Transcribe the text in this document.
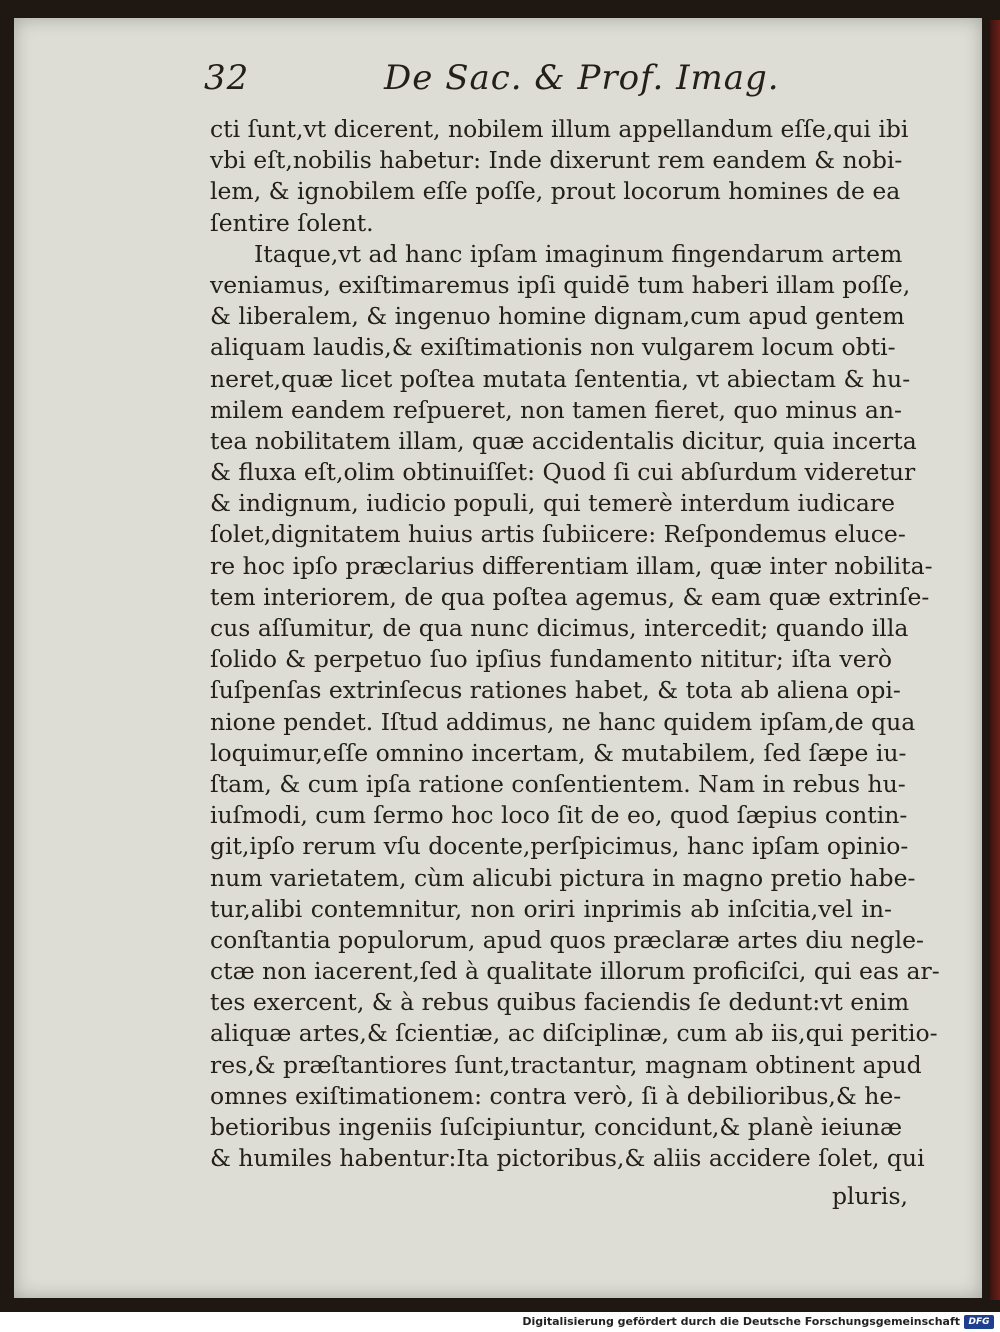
32	De Sac. & Prof. Imag.
cti ſunt,vt dicerent, nobilem illum appellandum eſſe,qui ibi
vbi eſt,nobilis habetur: Inde dixerunt rem eandem & nobi-
lem, & ignobilem eſſe poſſe, prout locorum homines de ea
ſentire ſolent.
Itaque,vt ad hanc ipſam imaginum fingendarum artem
veniamus, exiſtimaremus ipſi quidē tum haberi illam poſſe,
& liberalem, & ingenuo homine dignam,cum apud gentem
aliquam laudis,& exiſtimationis non vulgarem locum obti-
neret,quæ licet poſtea mutata ſententia, vt abiectam & hu-
milem eandem reſpueret, non tamen fieret, quo minus an-
tea nobilitatem illam, quæ accidentalis dicitur, quia incerta
& fluxa eſt,olim obtinuiſſet: Quod ſi cui abſurdum videretur
& indignum, iudicio populi, qui temerè interdum iudicare
ſolet,dignitatem huius artis ſubiicere: Reſpondemus eluce-
re hoc ipſo præclarius differentiam illam, quæ inter nobilita-
tem interiorem, de qua poſtea agemus, & eam quæ extrinſe-
cus aſſumitur, de qua nunc dicimus, intercedit; quando illa
ſolido & perpetuo ſuo ipſius fundamento nititur; iſta verò
ſuſpenſas extrinſecus rationes habet, & tota ab aliena opi-
nione pendet. Iſtud addimus, ne hanc quidem ipſam,de qua
loquimur,eſſe omnino incertam, & mutabilem, ſed ſæpe iu-
ſtam, & cum ipſa ratione conſentientem. Nam in rebus hu-
iuſmodi, cum ſermo hoc loco ſit de eo, quod ſæpius contin-
git,ipſo rerum vſu docente,perſpicimus, hanc ipſam opinio-
num varietatem, cùm alicubi pictura in magno pretio habe-
tur,alibi contemnitur, non oriri inprimis ab inſcitia,vel in-
conſtantia populorum, apud quos præclaræ artes diu negle-
ctæ non iacerent,ſed à qualitate illorum proficiſci, qui eas ar-
tes exercent, & à rebus quibus faciendis ſe dedunt:vt enim
aliquæ artes,& ſcientiæ, ac diſciplinæ, cum ab iis,qui peritio-
res,& præſtantiores ſunt,tractantur, magnam obtinent apud
omnes exiſtimationem: contra verò, ſi à debilioribus,& he-
betioribus ingeniis ſuſcipiuntur, concidunt,& planè ieiunæ
& humiles habentur:Ita pictoribus,& aliis accidere ſolet, qui
pluris,
Digitalisierung gefördert durch die Deutsche Forschungsgemeinschaft DFG
